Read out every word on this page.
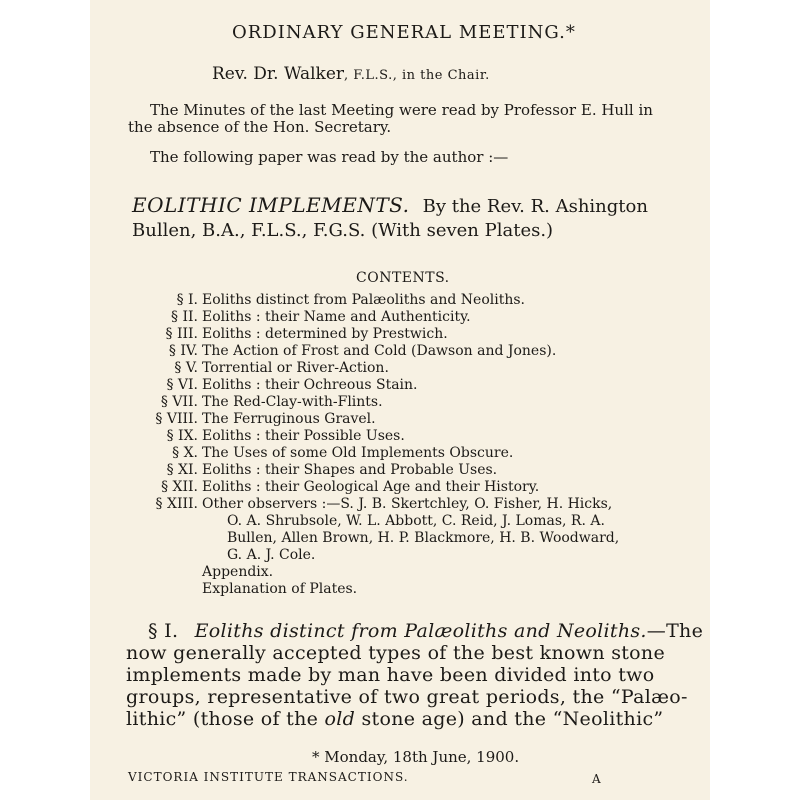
ORDINARY GENERAL MEETING.*
Rev. Dr. Walker, F.L.S., in the Chair.
The Minutes of the last Meeting were read by Professor E. Hull in
the absence of the Hon. Secretary.
The following paper was read by the author :—
EOLITHIC IMPLEMENTS. By the Rev. R. Ashington
Bullen, B.A., F.L.S., F.G.S. (With seven Plates.)
CONTENTS.
§ I. Eoliths distinct from Palæoliths and Neoliths.
§ II. Eoliths : their Name and Authenticity.
§ III. Eoliths : determined by Prestwich.
§ IV. The Action of Frost and Cold (Dawson and Jones).
§ V. Torrential or River-Action.
§ VI. Eoliths : their Ochreous Stain.
§ VII. The Red-Clay-with-Flints.
§ VIII. The Ferruginous Gravel.
§ IX. Eoliths : their Possible Uses.
§ X. The Uses of some Old Implements Obscure.
§ XI. Eoliths : their Shapes and Probable Uses.
§ XII. Eoliths : their Geological Age and their History.
§ XIII. Other observers :—S. J. B. Skertchley, O. Fisher, H. Hicks,
O. A. Shrubsole, W. L. Abbott, C. Reid, J. Lomas, R. A.
Bullen, Allen Brown, H. P. Blackmore, H. B. Woodward,
G. A. J. Cole.
Appendix.
Explanation of Plates.
§ I. Eoliths distinct from Palæoliths and Neoliths.—The
now generally accepted types of the best known stone
implements made by man have been divided into two
groups, representative of two great periods, the “Palæo-
lithic” (those of the old stone age) and the “Neolithic”
* Monday, 18th June, 1900.
VICTORIA INSTITUTE TRANSACTIONS.	A
